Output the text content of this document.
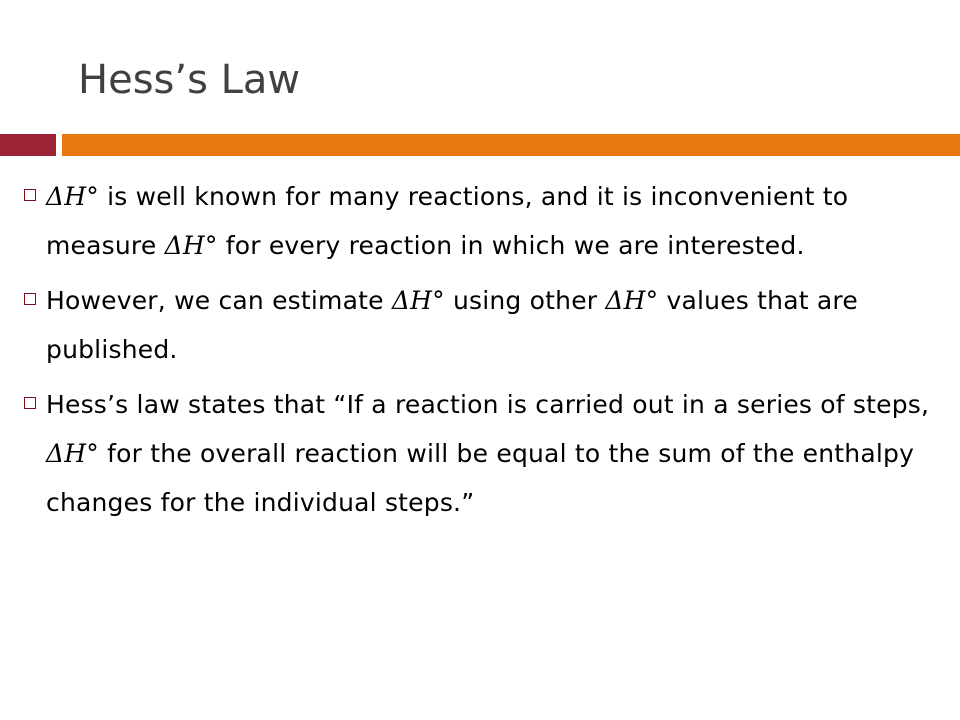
Hess’s Law
ΔH° is well known for many reactions, and it is inconvenient to measure ΔH° for every reaction in which we are interested.
However, we can estimate ΔH° using other ΔH° values that are published.
Hess’s law states that “If a reaction is carried out in a series of steps, ΔH° for the overall reaction will be equal to the sum of the enthalpy changes for the individual steps.”
